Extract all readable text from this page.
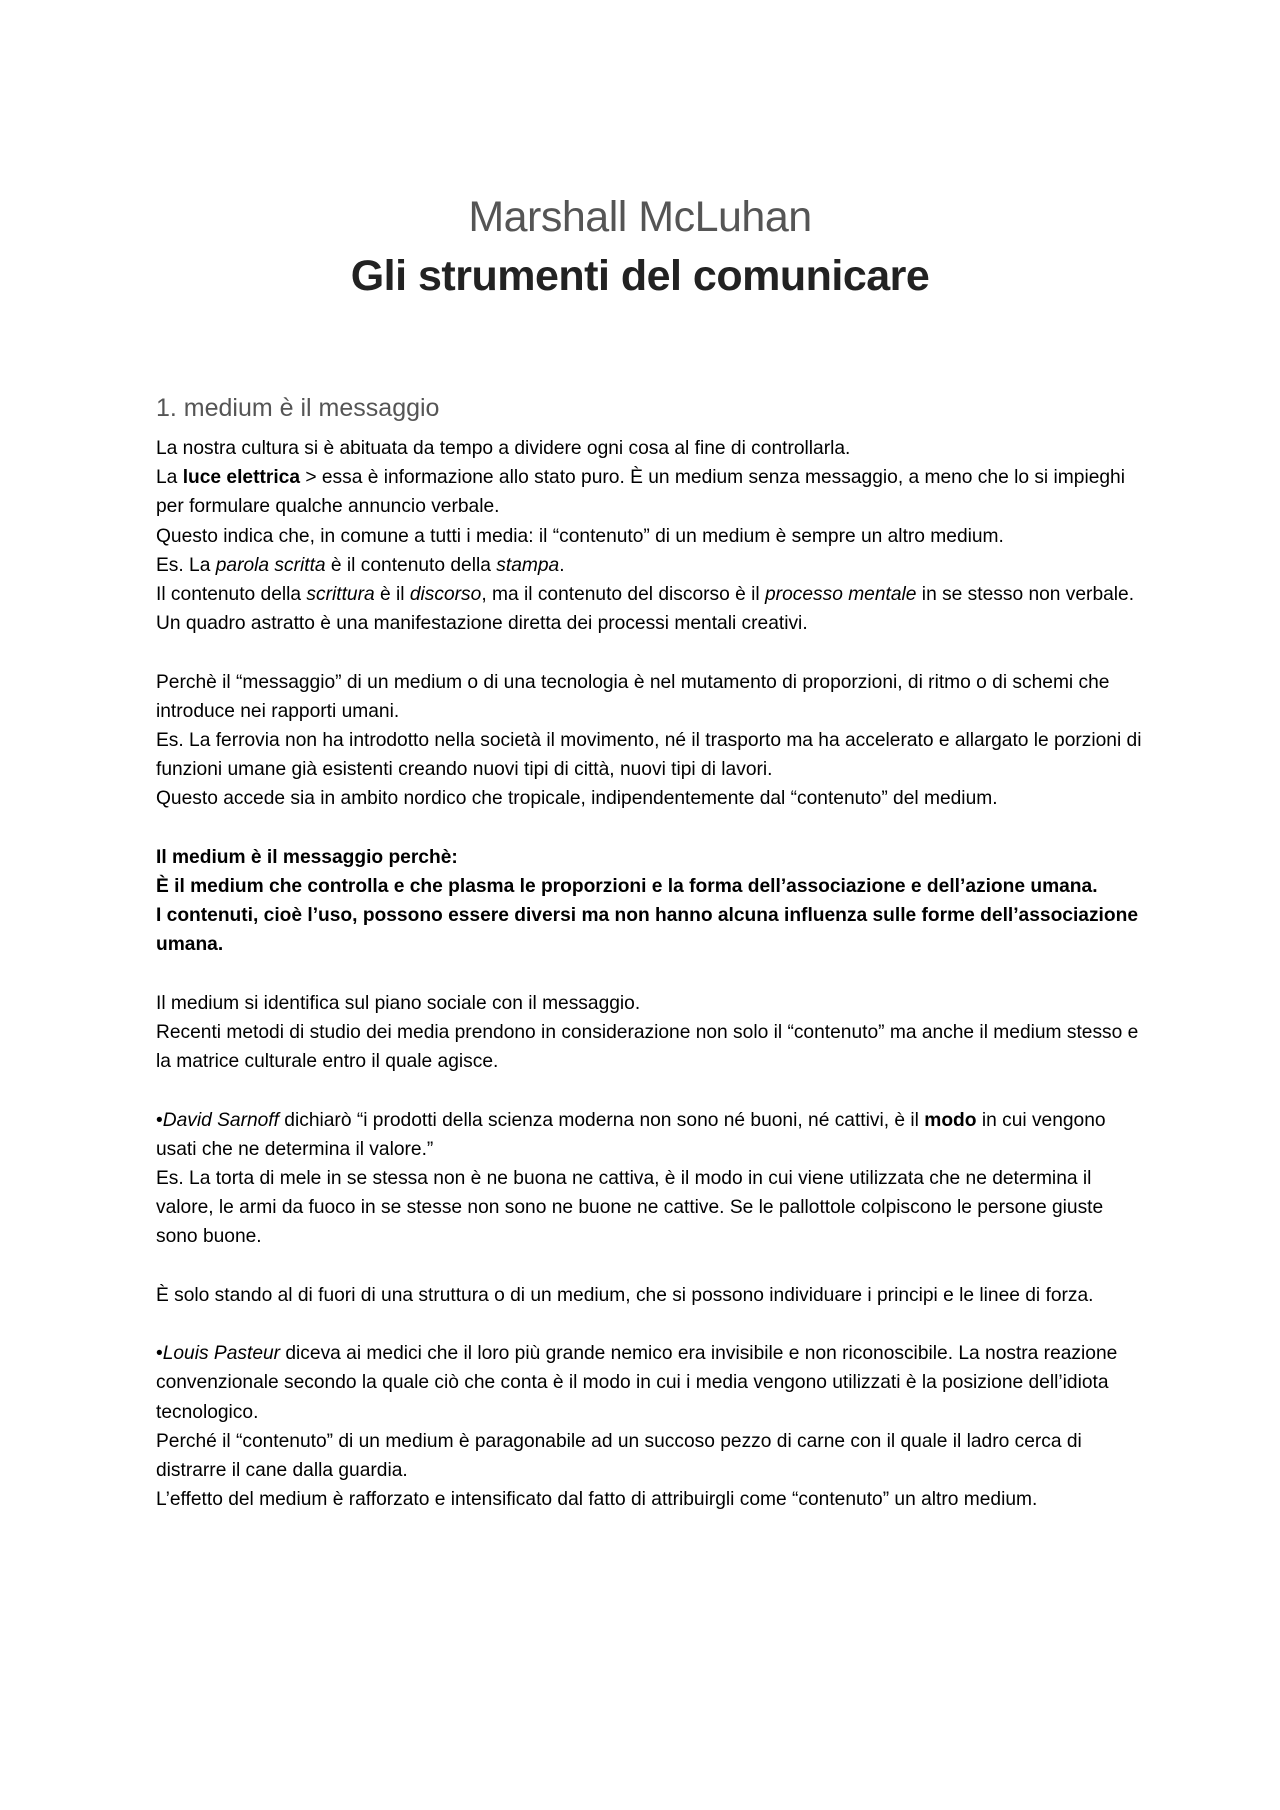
Marshall McLuhan
Gli strumenti del comunicare
1. medium è il messaggio
La nostra cultura si è abituata da tempo a dividere ogni cosa al fine di controllarla.
La luce elettrica > essa è informazione allo stato puro. È un medium senza messaggio, a meno che lo si impieghi per formulare qualche annuncio verbale.
Questo indica che, in comune a tutti i media: il “contenuto” di un medium è sempre un altro medium.
Es. La parola scritta è il contenuto della stampa.
Il contenuto della scrittura è il discorso, ma il contenuto del discorso è il processo mentale in se stesso non verbale.
Un quadro astratto è una manifestazione diretta dei processi mentali creativi.
Perchè il “messaggio” di un medium o di una tecnologia è nel mutamento di proporzioni, di ritmo o di schemi che introduce nei rapporti umani.
Es. La ferrovia non ha introdotto nella società il movimento, né il trasporto ma ha accelerato e allargato le porzioni di funzioni umane già esistenti creando nuovi tipi di città, nuovi tipi di lavori.
Questo accede sia in ambito nordico che tropicale, indipendentemente dal “contenuto” del medium.
Il medium è il messaggio perchè:
È il medium che controlla e che plasma le proporzioni e la forma dell’associazione e dell’azione umana.
I contenuti, cioè l’uso, possono essere diversi ma non hanno alcuna influenza sulle forme dell’associazione umana.
Il medium si identifica sul piano sociale con il messaggio.
Recenti metodi di studio dei media prendono in considerazione non solo il “contenuto” ma anche il medium stesso e la matrice culturale entro il quale agisce.
•David Sarnoff dichiarò “i prodotti della scienza moderna non sono né buoni, né cattivi, è il modo in cui vengono usati che ne determina il valore.”
Es. La torta di mele in se stessa non è ne buona ne cattiva, è il modo in cui viene utilizzata che ne determina il valore, le armi da fuoco in se stesse non sono ne buone ne cattive. Se le pallottole colpiscono le persone giuste sono buone.
È solo stando al di fuori di una struttura o di un medium, che si possono individuare i principi e le linee di forza.
•Louis Pasteur diceva ai medici che il loro più grande nemico era invisibile e non riconoscibile. La nostra reazione convenzionale secondo la quale ciò che conta è il modo in cui i media vengono utilizzati è la posizione dell’idiota tecnologico.
Perché il “contenuto” di un medium è paragonabile ad un succoso pezzo di carne con il quale il ladro cerca di distrarre il cane dalla guardia.
L’effetto del medium è rafforzato e intensificato dal fatto di attribuirgli come “contenuto” un altro medium.
